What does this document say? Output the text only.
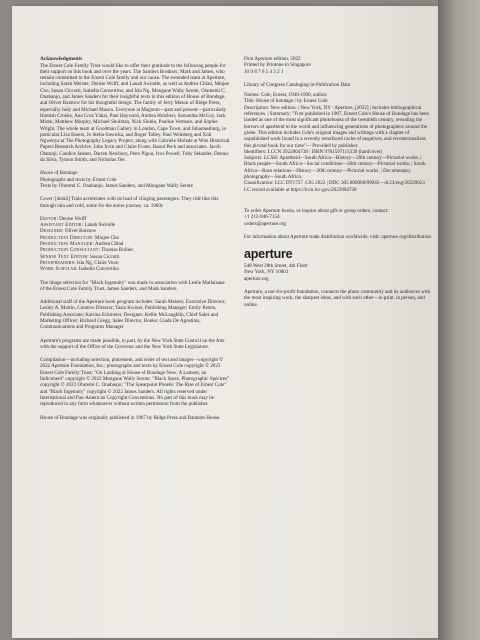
Acknowledgments

The Ernest Cole Family Trust would like to offer their gratitude to the following people for their support on this book and over the years. The Sanders Brothers, Mark and James, who remain committed to the Ernest Cole family and our cause. The extended team at Aperture, including Sarah Meister, Denise Wolff, and Lanah Swindle, as well as Andrea Chlad, Minjee Cho, Susan Ciccotti, Isabella Convertino, and Isla Ng. Mongane Wally Serote, Olantemi C. Onabanjo, and James Sanders for their insightful texts in this edition of House of Bondage, and Oliver Barstow for his thoughtful design. The family of Jerry Mason of Ridge Press, especially Judy and Michael Mason. Everyone at Magnum—past and present—particularly Hamish Crooks, Ana Cruz Yábar, Paul Hayward, Andrea Holzherr, Samantha McCoy, Jack Minto, Matthew Murphy, Michael Shulman, Nick Slobin, Pauline Vermare, and Sophie Wright. The whole team at Goodman Gallery in London, Cape Town, and Johannesburg, in particular Liza Essers, Jo Stella-Sawicka, and Roger Talley. Paul Weinberg and Xoli Ngwenya at The Photography Legacy Project, along with Gabriele Mohale at Wits Historical Papers Research Archive. John Irvin and Claire Evans. Raoul Peck and associates. Jacob Olatunji, Candice Jansen, Darren Newbury, Piers Pigou, Ivor Powell, Toby Selander, Dennis da Silva, Tymon Smith, and Nicholas Tee.

House of Bondage

Photographs and texts by Ernest Cole

Texts by Oluremi C. Onabanjo, James Sanders, and Mongane Wally Serote

Cover: [detail] Train accelerates with its load of clinging passengers. They ride like this through rain and cold, some for the entire journey. ca. 1960s

Editor: Denise Wolff

Assistant Editor: Lanah Swindle

Designer: Oliver Barstow

Production Director: Minjee Cho

Production Manager: Andrea Chlad

Production Consultant: Thomas Bollier

Senior Text Editor: Susan Ciccotti

Proofreaders: Isla Ng, Claire Voon

Work Scholar: Isabella Convertino

The image selection for "Black Ingenuity" was made in association with Leslie Matlaisane of the Ernest Cole Family Trust, James Sanders, and Mark Sanders.

Additional staff of the Aperture book program includes: Sarah Meister, Executive Director; Lesley A. Martin, Creative Director; Tasia Kwiner, Publishing Manager; Emily Patten, Publishing Associate; Katrina Eckmeier, Designer; Kellie McLaughlin, Chief Sales and Marketing Officer; Richard Gregg, Sales Director, Books; Giada De Agostinis, Communications and Programs Manager

Aperture's programs are made possible, in part, by the New York State Council on the Arts with the support of the Office of the Governor and the New York State Legislature.

Compilation—including selection, placement, and order of text and images—copyright © 2022 Aperture Foundation, Inc.; photographs and texts by Ernest Cole copyright © 2022 Ernest Cole Family Trust; "On Looking at House of Bondage Now: A Lament, an Indictment" copyright © 2022 Mongane Wally Serote; "Black Spots, Photographic Spectres" copyright © 2022 Oluremi C. Onabanjo; "The Spearpoint Phoebi: The Rise of Ernest Cole" and "Black Ingenuity" copyright © 2022 James Sanders. All rights reserved under International and Pan-American Copyright Conventions. No part of this book may be reproduced in any form whatsoever without written permission from the publisher.

House of Bondage was originally published in 1967 by Ridge Press and Random House.

First Aperture edition, 2022

Printed by Printone in Singapore

10 9 8 7 6 5 4 3 2 1

Library of Congress Cataloging-in-Publication Data

Names: Cole, Ernest, 1940-1990, author.
Title: House of bondage / by Ernest Cole.
Description: New edition. | New York, NY : Aperture, [2022] | Includes bibliographical references. | Summary: "First published in 1967, Ernest Cole's House of Bondage has been lauded as one of the most significant photobooks of the twentieth century, revealing the horrors of apartheid to the world and influencing generations of photographers around the globe. This edition includes Cole's original images and writings with a chapter of unpublished work found in a recently resurfaced cache of negatives, and recontextualizes this pivotal book for our time"— Provided by publisher.
Identifiers: LCCN 2022004738 | ISBN 9781597115339 (hardcover)
Subjects: LCSH: Apartheid—South Africa—History—20th century—Pictorial works. | Black people—South Africa—Social conditions—20th century—Pictorial works. | South Africa—Race relations—History—20th century—Pictorial works. | Documentary photography—South Africa.
Classification: LCC DT1757 .C65 2022 | DDC 305.800968/09045—dc23/eng/20220623
LC record available at https://lccn.loc.gov/2022004738

To order Aperture books, or inquire about gift or group orders, contact:

+1 212-946-7154

orders@aperture.org

For information about Aperture trade distribution worldwide, visit: aperture.org/distribution

aperture

548 West 28th Street, 4th Floor

New York, NY 10001

aperture.org

Aperture, a not-for-profit foundation, connects the photo community and its audiences with the most inspiring work, the sharpest ideas, and with each other—in print, in person, and online.
